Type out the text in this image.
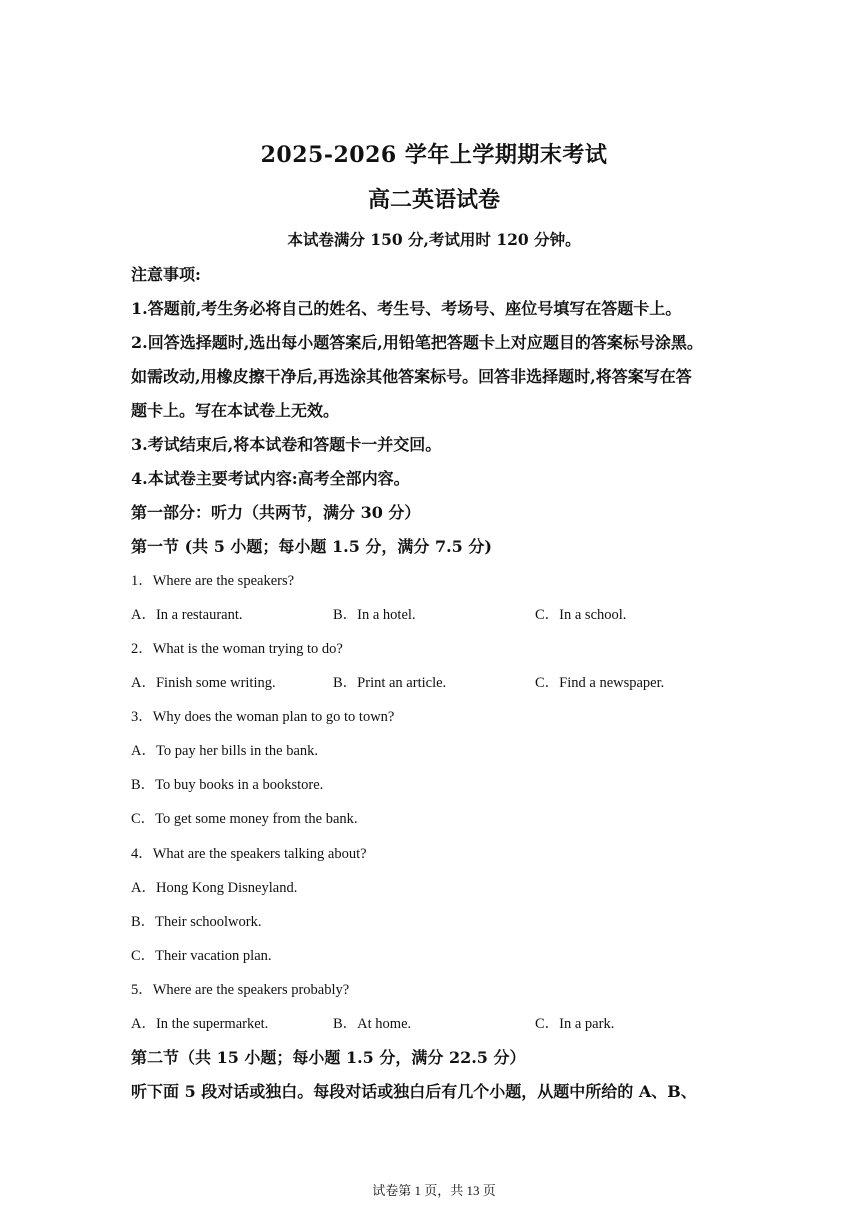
2025-2026 学年上学期期末考试
高二英语试卷
本试卷满分 150 分,考试用时 120 分钟。
注意事项:
1.答题前,考生务必将自己的姓名、考生号、考场号、座位号填写在答题卡上。
2.回答选择题时,选出每小题答案后,用铅笔把答题卡上对应题目的答案标号涂黑。
如需改动,用橡皮擦干净后,再选涂其他答案标号。回答非选择题时,将答案写在答
题卡上。写在本试卷上无效。
3.考试结束后,将本试卷和答题卡一并交回。
4.本试卷主要考试内容:高考全部内容。
第一部分：听力（共两节，满分 30 分）
第一节 (共 5 小题；每小题 1.5 分，满分 7.5 分)
1．Where are the speakers?
A．In a restaurant.	B．In a hotel.	C．In a school.
2．What is the woman trying to do?
A．Finish some writing.	B．Print an article.	C．Find a newspaper.
3．Why does the woman plan to go to town?
A．To pay her bills in the bank.
B．To buy books in a bookstore.
C．To get some money from the bank.
4．What are the speakers talking about?
A．Hong Kong Disneyland.
B．Their schoolwork.
C．Their vacation plan.
5．Where are the speakers probably?
A．In the supermarket.	B．At home.	C．In a park.
第二节（共 15 小题；每小题 1.5 分，满分 22.5 分）
听下面 5 段对话或独白。每段对话或独白后有几个小题，从题中所给的 A、B、
试卷第 1 页，共 13 页
